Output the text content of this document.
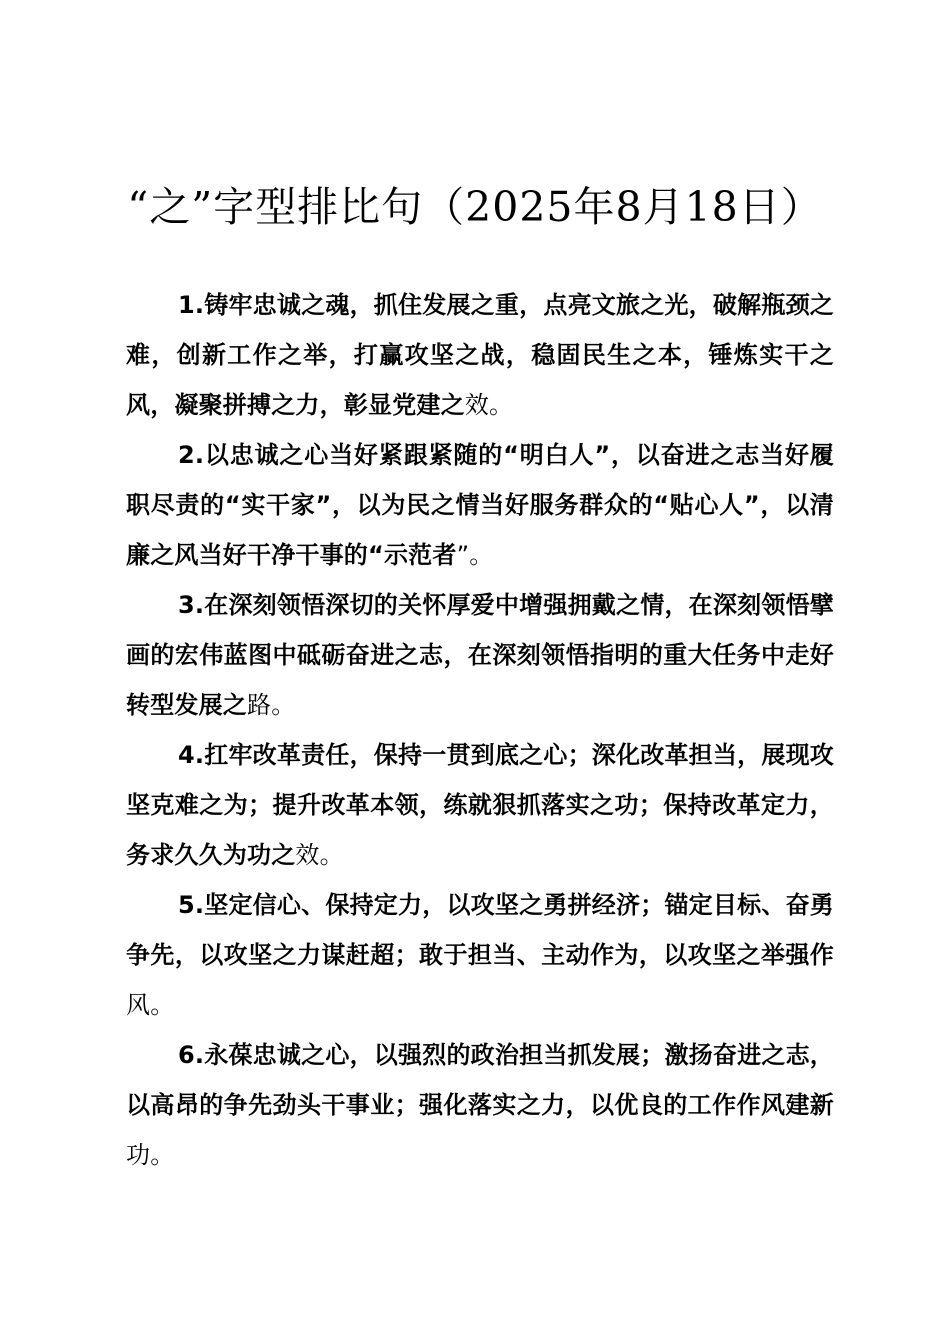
“之”字型排比句（2025年8月18日）

1.铸牢忠诚之魂，抓住发展之重，点亮文旅之光，破解瓶颈之难，创新工作之举，打赢攻坚之战，稳固民生之本，锤炼实干之风，凝聚拼搏之力，彰显党建之效。

2.以忠诚之心当好紧跟紧随的“明白人”，以奋进之志当好履职尽责的“实干家”，以为民之情当好服务群众的“贴心人”，以清廉之风当好干净干事的“示范者”。

3.在深刻领悟深切的关怀厚爱中增强拥戴之情，在深刻领悟擘画的宏伟蓝图中砥砺奋进之志，在深刻领悟指明的重大任务中走好转型发展之路。

4.扛牢改革责任，保持一贯到底之心；深化改革担当，展现攻坚克难之为；提升改革本领，练就狠抓落实之功；保持改革定力，务求久久为功之效。

5.坚定信心、保持定力，以攻坚之勇拼经济；锚定目标、奋勇争先，以攻坚之力谋赶超；敢于担当、主动作为，以攻坚之举强作风。

6.永葆忠诚之心，以强烈的政治担当抓发展；激扬奋进之志，以高昂的争先劲头干事业；强化落实之力，以优良的工作作风建新功。
